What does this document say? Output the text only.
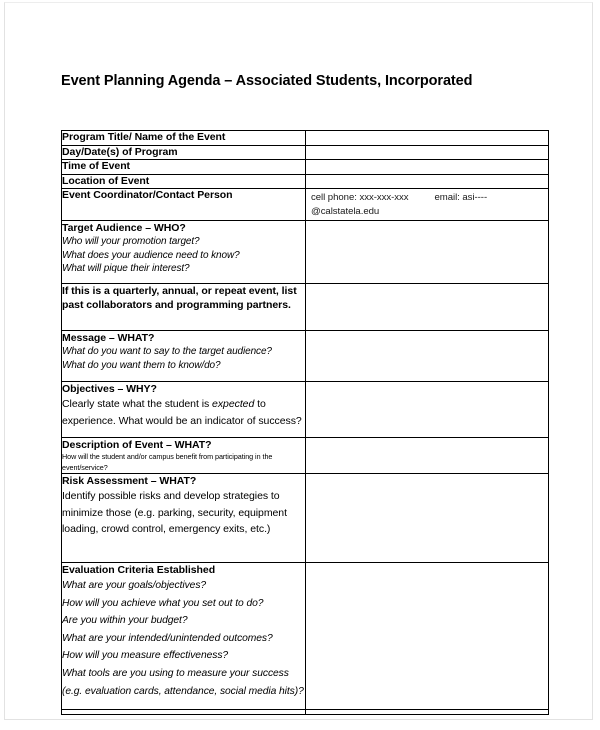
Event Planning Agenda – Associated Students, Incorporated
Program Title/ Name of the Event	
Day/Date(s) of Program	
Time of Event	
Location of Event	
Event Coordinator/Contact Person	cell phone: xxx-xxx-xxx email: asi----
@calstatela.edu

Target Audience – WHO?
Who will your promotion target?
What does your audience need to know?
What will pique their interest?	

If this is a quarterly, annual, or repeat event, list past collaborators and programming partners.	

Message – WHAT?
What do you want to say to the target audience?
What do you want them to know/do?	

Objectives – WHY?
Clearly state what the student is expected to experience. What would be an indicator of success?	

Description of Event – WHAT?
How will the student and/or campus benefit from participating in the event/service?	

Risk Assessment – WHAT?
Identify possible risks and develop strategies to minimize those (e.g. parking, security, equipment loading, crowd control, emergency exits, etc.)	

Evaluation Criteria Established
What are your goals/objectives?
How will you achieve what you set out to do?
Are you within your budget?
What are your intended/unintended outcomes?
How will you measure effectiveness?
What tools are you using to measure your success (e.g. evaluation cards, attendance, social media hits)?
